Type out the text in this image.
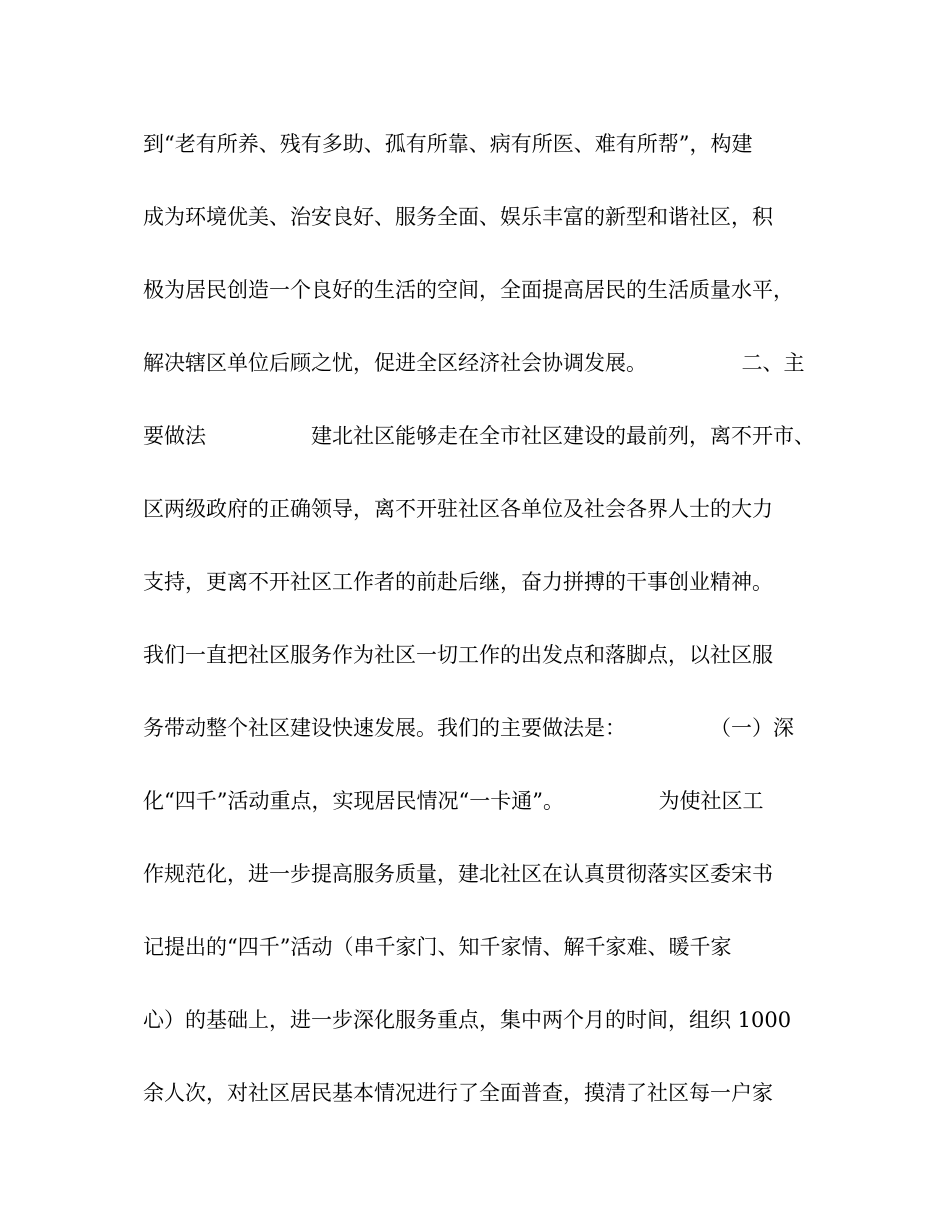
到“老有所养、残有多助、孤有所靠、病有所医、难有所帮”，构建

成为环境优美、治安良好、服务全面、娱乐丰富的新型和谐社区，积

极为居民创造一个良好的生活的空间，全面提高居民的生活质量水平，

解决辖区单位后顾之忧，促进全区经济社会协调发展。　　　　　二、主

要做法　　　　　建北社区能够走在全市社区建设的最前列，离不开市、

区两级政府的正确领导，离不开驻社区各单位及社会各界人士的大力

支持，更离不开社区工作者的前赴后继，奋力拼搏的干事创业精神。

我们一直把社区服务作为社区一切工作的出发点和落脚点，以社区服

务带动整个社区建设快速发展。我们的主要做法是：　　　　　（一）深

化“四千”活动重点，实现居民情况“一卡通”。　　　　　为使社区工

作规范化，进一步提高服务质量，建北社区在认真贯彻落实区委宋书

记提出的“四千”活动（串千家门、知千家情、解千家难、暖千家

心）的基础上，进一步深化服务重点，集中两个月的时间，组织 1000

余人次，对社区居民基本情况进行了全面普查，摸清了社区每一户家
